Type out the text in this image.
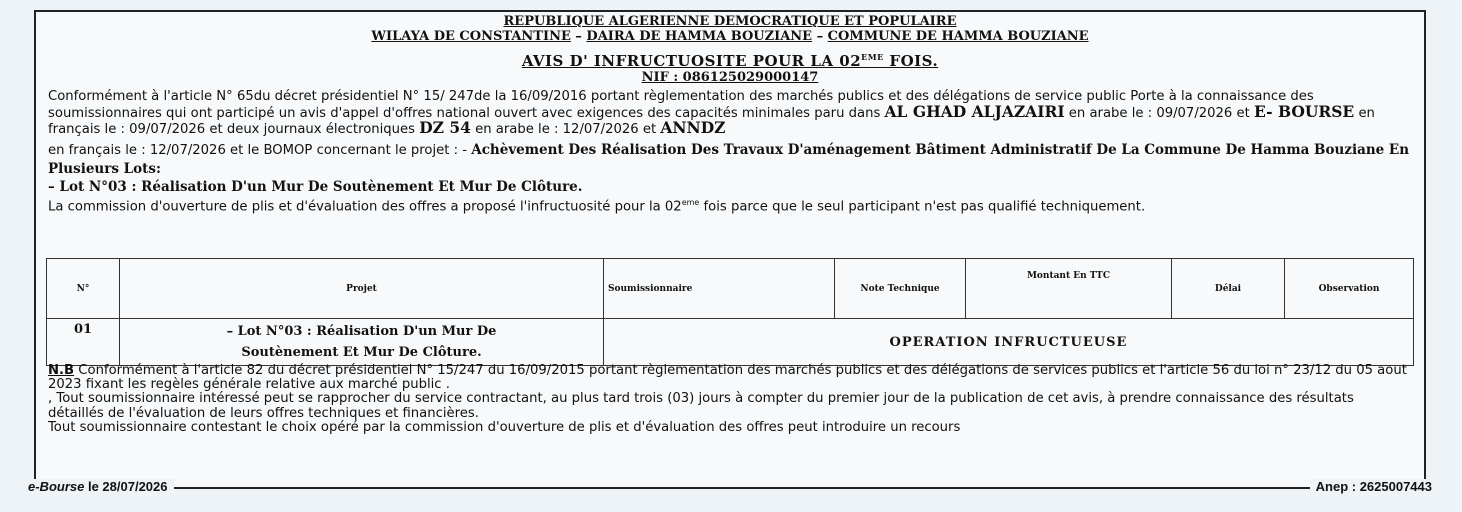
REPUBLIQUE ALGERIENNE DEMOCRATIQUE ET POPULAIRE
WILAYA DE CONSTANTINE – DAIRA DE HAMMA BOUZIANE – COMMUNE DE HAMMA BOUZIANE
AVIS D' INFRUCTUOSITE POUR LA 02EME FOIS.
NIF : 086125029000147
Conformément à l'article N° 65du décret présidentiel N° 15/ 247de la 16/09/2016 portant règlementation des marchés publics et des délégations de service public Porte à la connaissance des soumissionnaires qui ont participé un avis d'appel d'offres national ouvert avec exigences des capacités minimales paru dans AL GHAD ALJAZAIRI en arabe le : 09/07/2026 et E- BOURSE en français le : 09/07/2026 et deux journaux électroniques DZ 54 en arabe le : 12/07/2026 et ANNDZ
en français le : 12/07/2026 et le BOMOP concernant le projet : - Achèvement Des Réalisation Des Travaux D'aménagement Bâtiment Administratif De La Commune De Hamma Bouziane En Plusieurs Lots:
– Lot N°03 : Réalisation D'un Mur De Soutènement Et Mur De Clôture.
La commission d'ouverture de plis et d'évaluation des offres a proposé l'infructuosité pour la 02eme fois parce que le seul participant n'est pas qualifié techniquement.
N°	Projet	Soumissionnaire	Note Technique	Montant En TTC	Délai	Observation
01	– Lot N°03 : Réalisation D'un Mur De
Soutènement Et Mur De Clôture.	OPERATION INFRUCTUEUSE				
N.B Conformément à l'article 82 du décret présidentiel N° 15/247 du 16/09/2015 portant règlementation des marchés publics et des délégations de services publics et l'article 56 du loi n° 23/12 du 05 aout 2023 fixant les regèles générale relative aux marché public .
, Tout soumissionnaire intéressé peut se rapprocher du service contractant, au plus tard trois (03) jours à compter du premier jour de la publication de cet avis, à prendre connaissance des résultats détaillés de l'évaluation de leurs offres techniques et financières.
Tout soumissionnaire contestant le choix opéré par la commission d'ouverture de plis et d'évaluation des offres peut introduire un recours
e-Bourse le 28/07/2026	Anep : 2625007443
